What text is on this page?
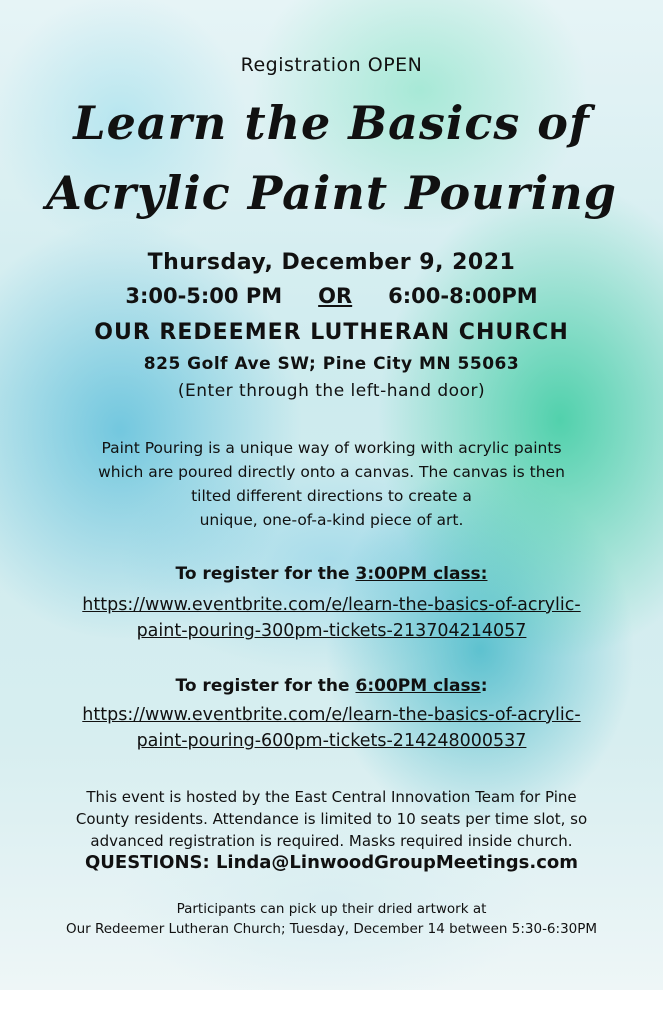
Registration OPEN
Learn the Basics of
Acrylic Paint Pouring
Thursday, December 9, 2021
3:00-5:00 PM OR 6:00-8:00PM
OUR REDEEMER LUTHERAN CHURCH
825 Golf Ave SW; Pine City MN 55063
(Enter through the left-hand door)
Paint Pouring is a unique way of working with acrylic paints
which are poured directly onto a canvas. The canvas is then
tilted different directions to create a
unique, one-of-a-kind piece of art.
To register for the 3:00PM class:
https://www.eventbrite.com/e/learn-the-basics-of-acrylic-
paint-pouring-300pm-tickets-213704214057
To register for the 6:00PM class:
https://www.eventbrite.com/e/learn-the-basics-of-acrylic-
paint-pouring-600pm-tickets-214248000537
This event is hosted by the East Central Innovation Team for Pine
County residents. Attendance is limited to 10 seats per time slot, so
advanced registration is required. Masks required inside church.
QUESTIONS: Linda@LinwoodGroupMeetings.com
Participants can pick up their dried artwork at
Our Redeemer Lutheran Church; Tuesday, December 14 between 5:30-6:30PM
